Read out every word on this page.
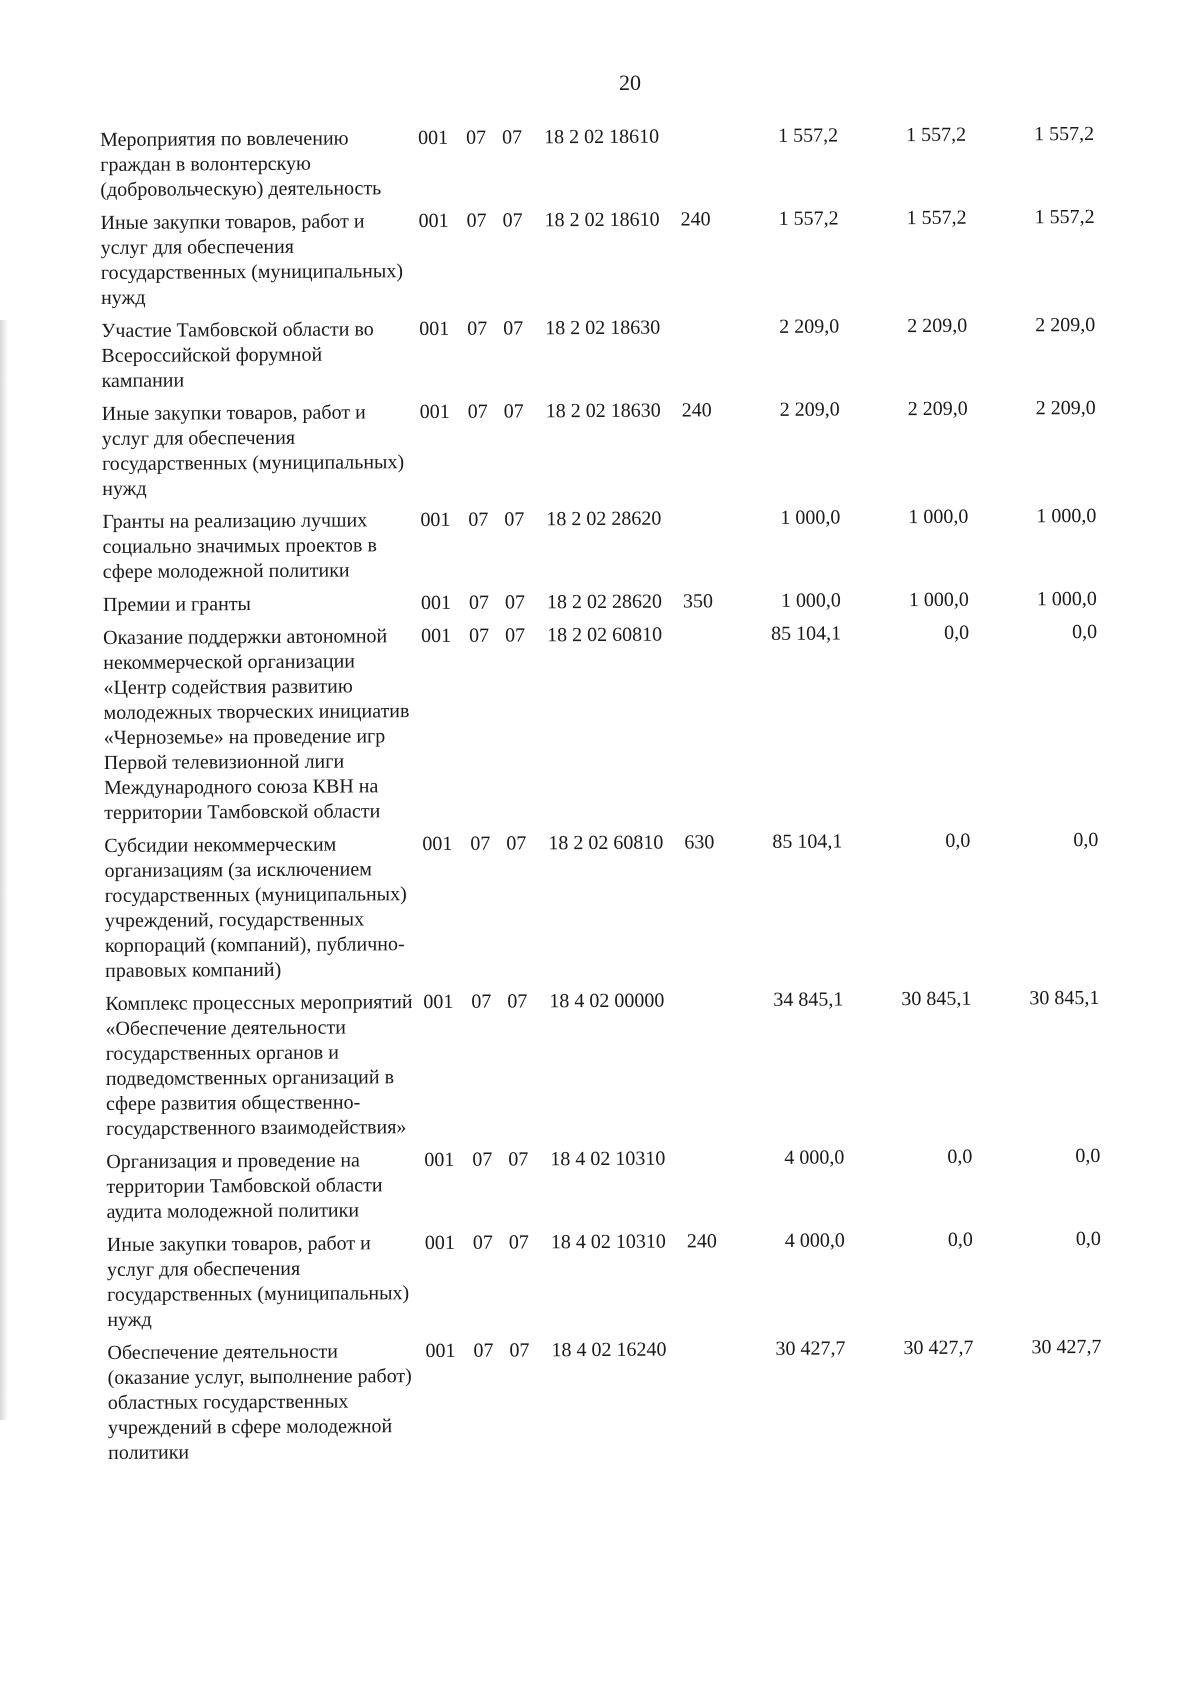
20
Мероприятия по вовлечению граждан в волонтерскую (добровольческую) деятельность	001	07	07	18 2 02 18610		1 557,2	1 557,2	1 557,2
Иные закупки товаров, работ и услуг для обеспечения государственных (муниципальных) нужд	001	07	07	18 2 02 18610	240	1 557,2	1 557,2	1 557,2
Участие Тамбовской области во Всероссийской форумной кампании	001	07	07	18 2 02 18630		2 209,0	2 209,0	2 209,0
Иные закупки товаров, работ и услуг для обеспечения государственных (муниципальных) нужд	001	07	07	18 2 02 18630	240	2 209,0	2 209,0	2 209,0
Гранты на реализацию лучших социально значимых проектов в сфере молодежной политики	001	07	07	18 2 02 28620		1 000,0	1 000,0	1 000,0
Премии и гранты	001	07	07	18 2 02 28620	350	1 000,0	1 000,0	1 000,0
Оказание поддержки автономной некоммерческой организации «Центр содействия развитию молодежных творческих инициатив «Черноземье» на проведение игр Первой телевизионной лиги Международного союза КВН на территории Тамбовской области	001	07	07	18 2 02 60810		85 104,1	0,0	0,0
Субсидии некоммерческим организациям (за исключением государственных (муниципальных) учреждений, государственных корпораций (компаний), публично-правовых компаний)	001	07	07	18 2 02 60810	630	85 104,1	0,0	0,0
Комплекс процессных мероприятий «Обеспечение деятельности государственных органов и подведомственных организаций в сфере развития общественно-государственного взаимодействия»	001	07	07	18 4 02 00000		34 845,1	30 845,1	30 845,1
Организация и проведение на территории Тамбовской области аудита молодежной политики	001	07	07	18 4 02 10310		4 000,0	0,0	0,0
Иные закупки товаров, работ и услуг для обеспечения государственных (муниципальных) нужд	001	07	07	18 4 02 10310	240	4 000,0	0,0	0,0
Обеспечение деятельности (оказание услуг, выполнение работ) областных государственных учреждений в сфере молодежной политики	001	07	07	18 4 02 16240		30 427,7	30 427,7	30 427,7
